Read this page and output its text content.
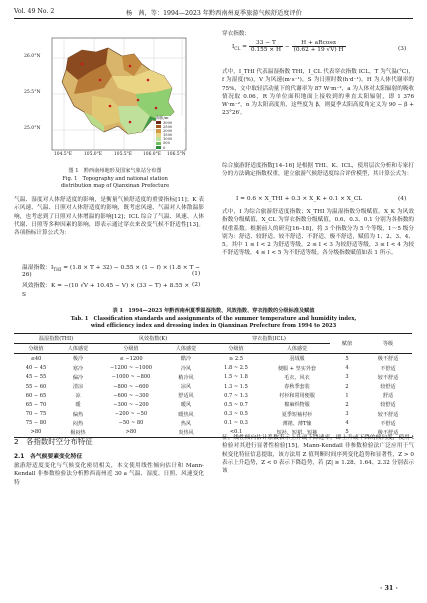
Vol. 49 No. 2	杨　茜，等：1994—2023 年黔西南州夏季旅游气候舒适度评价
26.0°N
25.5°N
25.0°N
104.5°E	105.0°E	105.5°E	106.0°E 106.5°N
海拔/m
3000
2500
2000
1500
1000
500
0
图 1　黔西南州地形及国家气象站分布图
Fig. 1　Topography and national station
distribution map of Qianxinan Prefecture
气温、湿度对人体舒适度的影响，是衡量气候舒适度的重要指标[11]；K 表示风速、气温、日照对人体舒适度的影响，既考虑风速、气温对人体散温影响，也考虑到了日照对人体增温的影响[12]；ICL 综合了气温、风速、人体代谢、日照等多种因素的影响，即表示通过穿衣来改变气候不舒适性[13]。各项指标计算公式为：
温湿指数：$I_{THI} = (1.8 \times T + 32) - 0.55 \times (1 - f) \times (1.8 \times T - 26)$	(1)
风效指数：K = −(10 √V + 10.45 − V) × (33 − T) + 8.55 × S
(2)
穿衣指数：
$I_{CL} = \frac{33 - T}{0.155 \times H} - \frac{H + aRcos\alpha}{(0.62 + 19 √V) H}$	(3)
式中，I_THI 代表温湿指数 THI，I_CL 代表穿衣指数 ICL，T 为气温(°C)，f 为湿度(%)，V 为风速(m·s⁻¹)，S 为日照时数(h·d⁻¹)，H 为人体代谢率的 75%，文中取轻活动量下的代谢率为 87 W·m⁻²，a 为人体对太阳辐射的吸收情况取 0.06，R 为单位面积地面上接收到的垂直太阳辐射，即 1 376 W·m⁻²，α 为太阳高度角，这些度为 β，则夏季太阳高度角定义为 90 − β + 23°26′。
综合旅游舒适度指数[14–16] 是根据 THI、K、ICL，使用层次分析和专家打分的方法确定指数权重，建立旅游气候舒适度综合评价模型，其计算公式为：
I = 0.6 × X_THI + 0.3 × X_K + 0.1 × X_CL	(4)
式中，I 为综合旅游舒适度指数；X_THI 为温湿指数分级赋值，X_K 为风效指数分级赋值，X_CL 为穿衣指数分级赋值，0.6、0.3、0.1 分别为各指数的权重系数。根据前人的研究[16–18]，将 3 个指数分为 5 个等级，1～5 级分别为：舒适、较舒适、较不舒适、不舒适、极不舒适，赋值为 1、2、3、4、5。其中 1 ≤ I < 2 为舒适等级，2 ≤ I < 3 为较舒适等级，3 ≤ I < 4 为较不舒适等级，4 ≤ I < 5 为不舒适等级。各分级指数赋值如表 1 所示。
表 1　1994—2023 年黔西南州夏季温湿指数、风效指数、穿衣指数的分级标准及赋值
Tab. 1　Classification standards and assignments of the summer temperature and humidity index,
wind efficiency index and dressing index in Qianxinan Prefecture from 1994 to 2023
温湿指数(THI)		风效指数(K)		穿衣指数(ICL)		赋值	等级
分级值	人体感觉	分级值	人体感觉	分级值	人体感觉		
≤40	极冷	≤ −1200	酷冷	≥ 2.5	羽绒服	5	极不舒适
40 − 45	寒冷	−1200 ~ −1000	冷风	1.8 ~ 2.5	便服 + 坚实外套	4	不舒适
45 − 55	偏冷	−1000 ~ −800	稍冷风	1.5 ~ 1.8	毛衣、风衣	3	较不舒适
55 − 60	清凉	−800 ~ −600	凉风	1.3 ~ 1.5	春秋季套装	2	较舒适
60 − 65	凉	−600 ~ −300	舒适风	0.7 ~ 1.3	衬衫和常用便服	1	舒适
65 − 70	暖	−300 ~ −200	暖风	0.5 ~ 0.7	棉麻织物服	2	较舒适
70 − 75	偏热	−200 ~ −50	暖热风	0.3 ~ 0.5	夏季短袖衬衫	3	较不舒适
75 − 80	闷热	−50 ~ 80	热风	0.1 ~ 0.3	薄裙、薄T恤	4	不舒适
>80	极闷热	>80	炎热风	<0.1	短衫、短裙、短裤	5	极不舒适
2　各指数时空分布特征
2.1　各气候要素变化特征
旅游舒适度变化与气候变化密切相关，本文使用线性倾向估计和 Mann-Kendall 非参数检验法分析黔西南州近 30 a 气温、湿度、日照、风速变化特
征。线性倾向估计系数表示上升或下降速率，即上升或下降的倾向度，使用 t 检验对其进行显著性检验[15]。Mann-Kendall 非参数检验法广泛应用于气候变化特征信息提取，该方法用 Z 值判断时间序列变化趋势和显著性，Z > 0 表示上升趋势，Z < 0 表示下降趋势，若 |Z| ≥ 1.28、1.64、2.32 分别表示该
· 31 ·
